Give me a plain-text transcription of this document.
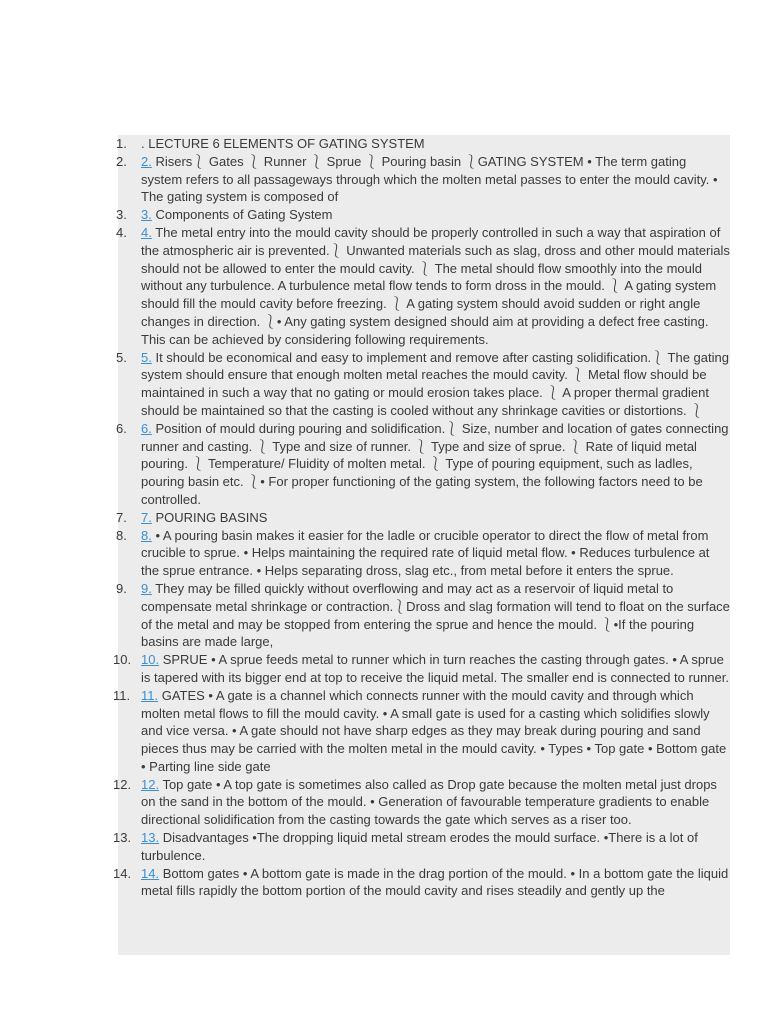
1. . LECTURE 6 ELEMENTS OF GATING SYSTEM
2. 2. Risers⎱ Gates ⎱ Runner ⎱ Sprue ⎱ Pouring basin ⎱GATING SYSTEM • The term gating system refers to all passageways through which the molten metal passes to enter the mould cavity. • The gating system is composed of
3. 3. Components of Gating System
4. 4. The metal entry into the mould cavity should be properly controlled in such a way that aspiration of the atmospheric air is prevented.⎱ Unwanted materials such as slag, dross and other mould materials should not be allowed to enter the mould cavity. ⎱ The metal should flow smoothly into the mould without any turbulence. A turbulence metal flow tends to form dross in the mould. ⎱ A gating system should fill the mould cavity before freezing. ⎱ A gating system should avoid sudden or right angle changes in direction. ⎱• Any gating system designed should aim at providing a defect free casting. This can be achieved by considering following requirements.
5. 5. It should be economical and easy to implement and remove after casting solidification.⎱ The gating system should ensure that enough molten metal reaches the mould cavity. ⎱ Metal flow should be maintained in such a way that no gating or mould erosion takes place. ⎱ A proper thermal gradient should be maintained so that the casting is cooled without any shrinkage cavities or distortions. ⎱
6. 6. Position of mould during pouring and solidification.⎱ Size, number and location of gates connecting runner and casting. ⎱ Type and size of runner. ⎱ Type and size of sprue. ⎱ Rate of liquid metal pouring. ⎱ Temperature/ Fluidity of molten metal. ⎱ Type of pouring equipment, such as ladles, pouring basin etc. ⎱• For proper functioning of the gating system, the following factors need to be controlled.
7. 7. POURING BASINS
8. 8. • A pouring basin makes it easier for the ladle or crucible operator to direct the flow of metal from crucible to sprue. • Helps maintaining the required rate of liquid metal flow. • Reduces turbulence at the sprue entrance. • Helps separating dross, slag etc., from metal before it enters the sprue.
9. 9. They may be filled quickly without overflowing and may act as a reservoir of liquid metal to compensate metal shrinkage or contraction.⎱Dross and slag formation will tend to float on the surface of the metal and may be stopped from entering the sprue and hence the mould. ⎱•If the pouring basins are made large,
10. 10. SPRUE • A sprue feeds metal to runner which in turn reaches the casting through gates. • A sprue is tapered with its bigger end at top to receive the liquid metal. The smaller end is connected to runner.
11. 11. GATES • A gate is a channel which connects runner with the mould cavity and through which molten metal flows to fill the mould cavity. • A small gate is used for a casting which solidifies slowly and vice versa. • A gate should not have sharp edges as they may break during pouring and sand pieces thus may be carried with the molten metal in the mould cavity. • Types • Top gate • Bottom gate • Parting line side gate
12. 12. Top gate • A top gate is sometimes also called as Drop gate because the molten metal just drops on the sand in the bottom of the mould. • Generation of favourable temperature gradients to enable directional solidification from the casting towards the gate which serves as a riser too.
13. 13. Disadvantages •The dropping liquid metal stream erodes the mould surface. •There is a lot of turbulence.
14. 14. Bottom gates • A bottom gate is made in the drag portion of the mould. • In a bottom gate the liquid metal fills rapidly the bottom portion of the mould cavity and rises steadily and gently up the
